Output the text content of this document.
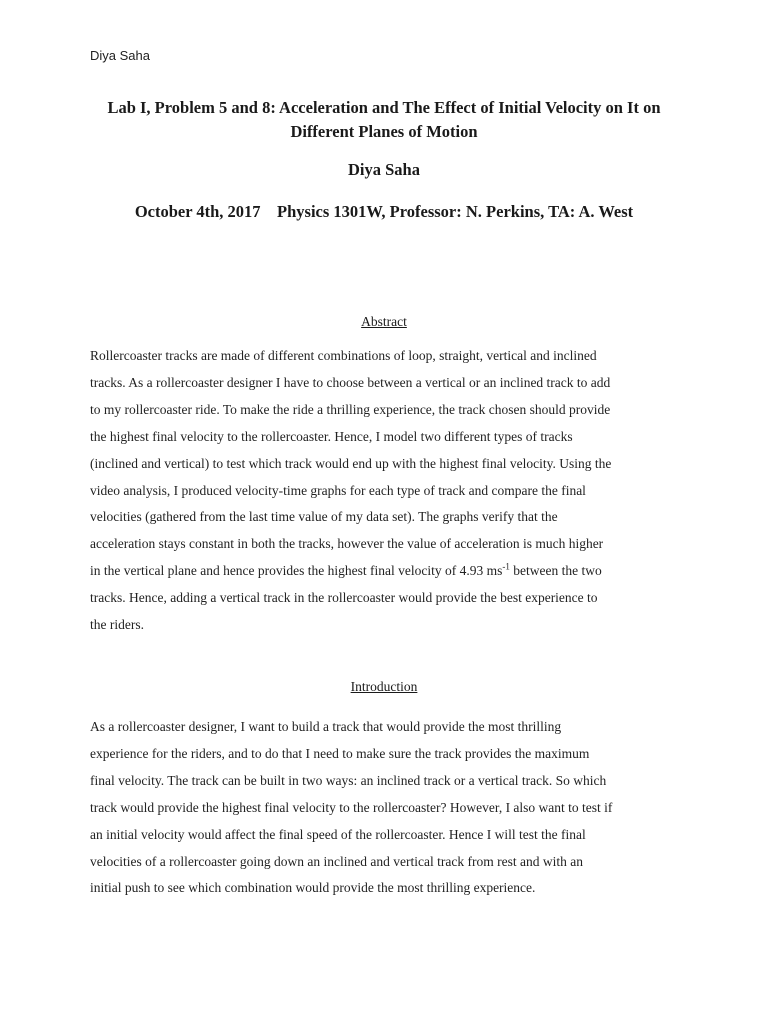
Diya Saha
Lab I, Problem 5 and 8: Acceleration and The Effect of Initial Velocity on It on
Different Planes of Motion
Diya Saha
October 4th, 2017 Physics 1301W, Professor: N. Perkins, TA: A. West
Abstract
Rollercoaster tracks are made of different combinations of loop, straight, vertical and inclined
tracks. As a rollercoaster designer I have to choose between a vertical or an inclined track to add
to my rollercoaster ride. To make the ride a thrilling experience, the track chosen should provide
the highest final velocity to the rollercoaster. Hence, I model two different types of tracks
(inclined and vertical) to test which track would end up with the highest final velocity. Using the
video analysis, I produced velocity-time graphs for each type of track and compare the final
velocities (gathered from the last time value of my data set). The graphs verify that the
acceleration stays constant in both the tracks, however the value of acceleration is much higher
in the vertical plane and hence provides the highest final velocity of 4.93 $ms^{-1}$ between the two
tracks. Hence, adding a vertical track in the rollercoaster would provide the best experience to
the riders.
Introduction
As a rollercoaster designer, I want to build a track that would provide the most thrilling
experience for the riders, and to do that I need to make sure the track provides the maximum
final velocity. The track can be built in two ways: an inclined track or a vertical track. So which
track would provide the highest final velocity to the rollercoaster? However, I also want to test if
an initial velocity would affect the final speed of the rollercoaster. Hence I will test the final
velocities of a rollercoaster going down an inclined and vertical track from rest and with an
initial push to see which combination would provide the most thrilling experience.
